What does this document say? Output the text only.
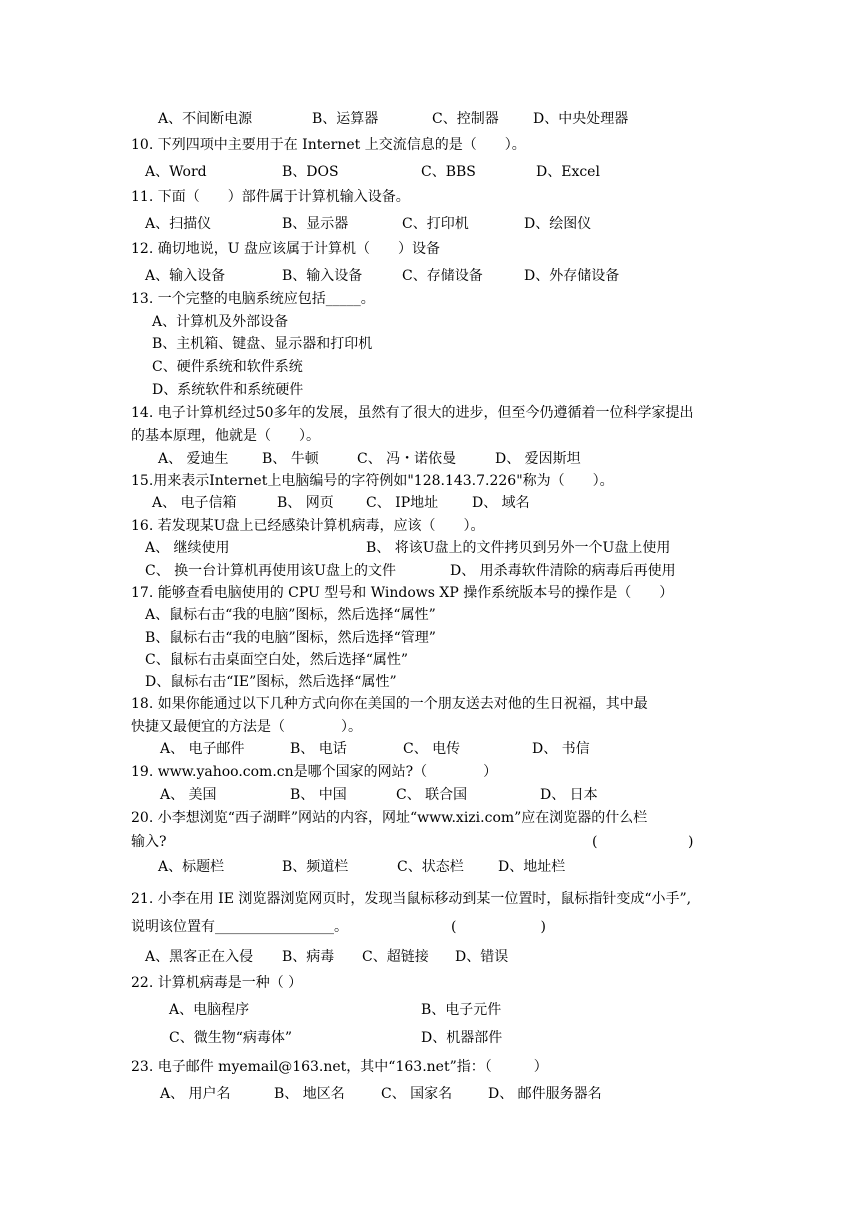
A、不间断电源	B、运算器	C、控制器 D、中央处理器
10. 下列四项中主要用于在 Internet 上交流信息的是（　　）。
A、Word	B、DOS	C、BBS	D、Excel
11. 下面（　　）部件属于计算机输入设备。
A、扫描仪	B、显示器	C、打印机	D、绘图仪
12. 确切地说，U 盘应该属于计算机（　　）设备
A、输入设备	B、输入设备	C、存储设备	D、外存储设备
13. 一个完整的电脑系统应包括_____。
A、计算机及外部设备
B、主机箱、键盘、显示器和打印机
C、硬件系统和软件系统
D、系统软件和系统硬件
14. 电子计算机经过50多年的发展，虽然有了很大的进步，但至今仍遵循着一位科学家提出
的基本原理，他就是（　　）。
A、 爱迪生 B、 牛顿	C、 冯・诺依曼	D、 爱因斯坦
15.用来表示Internet上电脑编号的字符例如"128.143.7.226"称为（　　）。
A、 电子信箱	B、 网页 C、 IP地址 D、 域名
16. 若发现某U盘上已经感染计算机病毒，应该（　　）。
A、 继续使用	B、 将该U盘上的文件拷贝到另外一个U盘上使用
C、 换一台计算机再使用该U盘上的文件	D、 用杀毒软件清除的病毒后再使用
17. 能够查看电脑使用的 CPU 型号和 Windows XP 操作系统版本号的操作是（　　）
A、鼠标右击“我的电脑”图标，然后选择“属性”
B、鼠标右击“我的电脑”图标，然后选择“管理”
C、鼠标右击桌面空白处，然后选择“属性”
D、鼠标右击“IE”图标，然后选择“属性”
18. 如果你能通过以下几种方式向你在美国的一个朋友送去对他的生日祝福，其中最
快捷又最便宜的方法是（　　　　）。
A、 电子邮件	B、 电话	C、 电传	D、 书信
19. www.yahoo.com.cn是哪个国家的网站?（　　　　）
A、 美国	B、 中国	C、 联合国	D、 日本
20. 小李想浏览“西子湖畔”网站的内容，网址“www.xizi.com”应在浏览器的什么栏
输入?	(	)
A、标题栏	B、频道栏	C、状态栏 D、地址栏
21. 小李在用 IE 浏览器浏览网页时，发现当鼠标移动到某一位置时，鼠标指针变成“小手”,
说明该位置有_________________。	(　　　　　　)
A、黑客正在入侵 B、病毒 C、超链接 D、错误
22. 计算机病毒是一种（ ）
A、电脑程序	B、电子元件
C、微生物“病毒体”	D、机器部件
23. 电子邮件 myemail@163.net，其中“163.net”指：（　　　）
A、 用户名	B、 地区名	C、 国家名	D、 邮件服务器名
